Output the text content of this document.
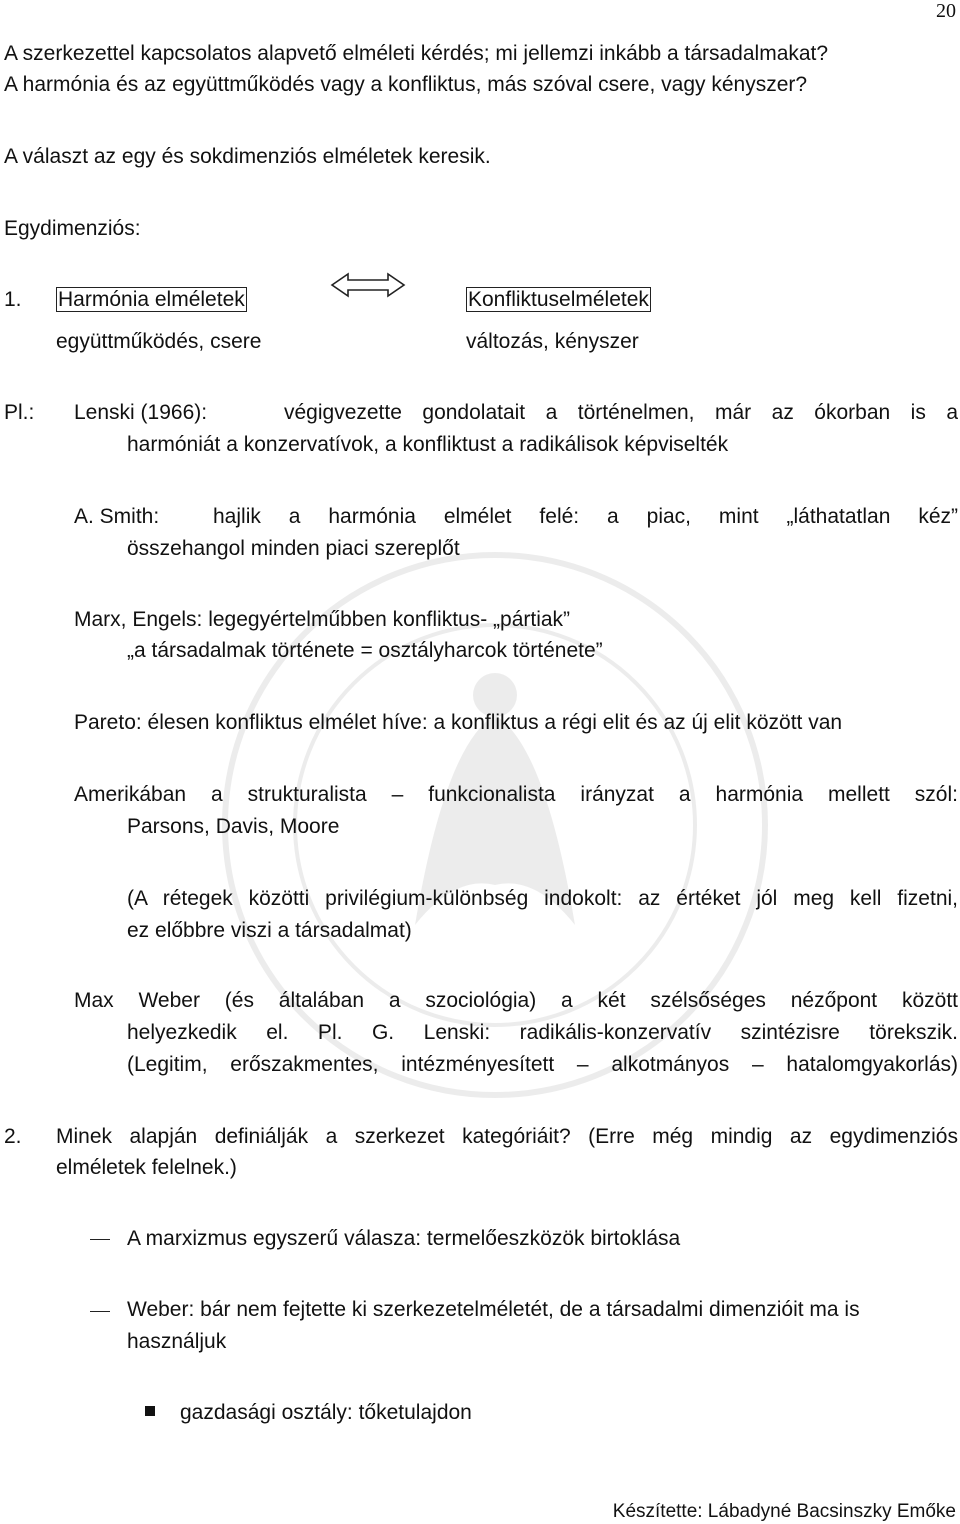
20
A szerkezettel kapcsolatos alapvető elméleti kérdés; mi jellemzi inkább a társadalmakat?
A harmónia és az együttműködés vagy a konfliktus, más szóval csere, vagy kényszer?
A választ az egy és sokdimenziós elméletek keresik.
Egydimenziós:
1. Harmónia elméletek	Konfliktuselméletek
együttműködés, csere	változás, kényszer
Pl.: Lenski (1966):	végigvezette gondolatait a történelmen, már az ókorban is a
harmóniát a konzervatívok, a konfliktust a radikálisok képviselték
A. Smith:	hajlik a harmónia elmélet felé: a piac, mint „láthatatlan kéz”
összehangol minden piaci szereplőt
Marx, Engels: legegyértelműbben konfliktus- „pártiak”
„a társadalmak története = osztályharcok története”
Pareto: élesen konfliktus elmélet híve: a konfliktus a régi elit és az új elit között van
Amerikában a strukturalista – funkcionalista irányzat a harmónia mellett szól:
Parsons, Davis, Moore
(A rétegek közötti privilégium-különbség indokolt: az értéket jól meg kell fizetni,
ez előbbre viszi a társadalmat)
Max Weber (és általában a szociológia) a két szélsőséges nézőpont között
helyezkedik el. Pl. G. Lenski: radikális-konzervatív szintézisre törekszik.
(Legitim, erőszakmentes, intézményesített – alkotmányos – hatalomgyakorlás)
2. Minek alapján definiálják a szerkezet kategóriáit? (Erre még mindig az egydimenziós
elméletek felelnek.)
A marxizmus egyszerű válasza: termelőeszközök birtoklása
Weber: bár nem fejtette ki szerkezetelméletét, de a társadalmi dimenzióit ma is
használjuk
gazdasági osztály: tőketulajdon
Készítette: Lábadyné Bacsinszky Emőke
